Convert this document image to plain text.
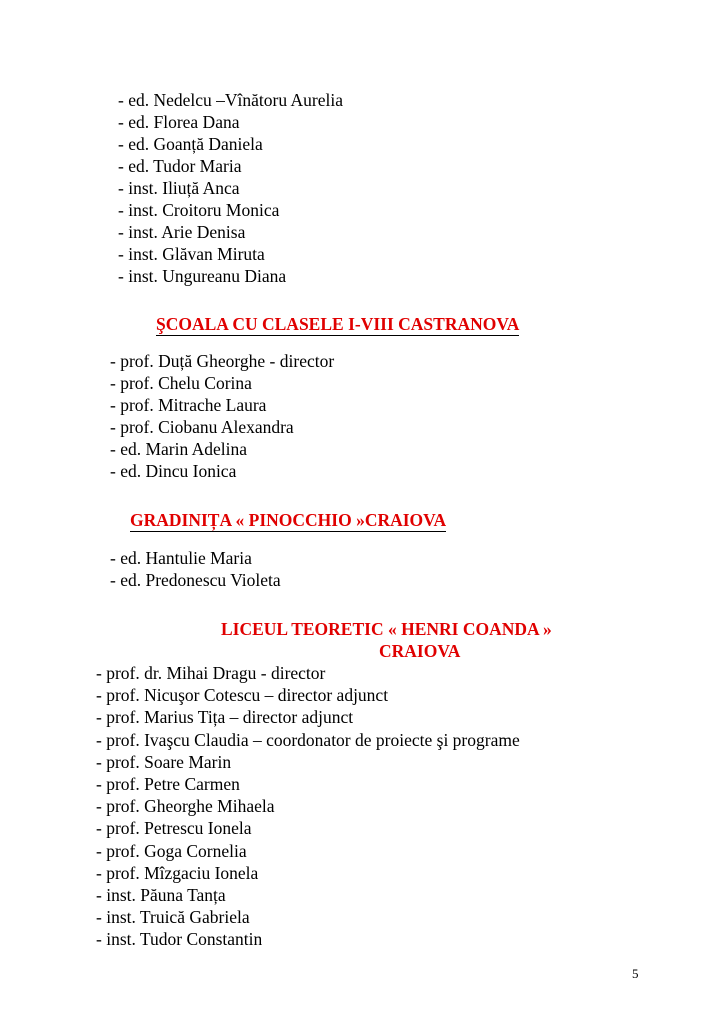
- ed. Nedelcu –Vînătoru Aurelia
- ed. Florea Dana
- ed. Goanță Daniela
- ed. Tudor Maria
- inst. Iliuță Anca
- inst. Croitoru Monica
- inst. Arie Denisa
- inst. Glăvan Miruta
- inst. Ungureanu Diana
ŞCOALA CU CLASELE I-VIII CASTRANOVA
- prof. Duță Gheorghe - director
- prof. Chelu Corina
- prof. Mitrache Laura
- prof. Ciobanu Alexandra
- ed. Marin Adelina
- ed. Dincu Ionica
GRADINIȚA « PINOCCHIO »CRAIOVA
- ed. Hantulie Maria
- ed. Predonescu Violeta
LICEUL TEORETIC « HENRI COANDA »
CRAIOVA
- prof. dr. Mihai Dragu - director
- prof. Nicuşor Cotescu – director adjunct
- prof. Marius Tița – director adjunct
- prof. Ivaşcu Claudia – coordonator de proiecte şi programe
- prof. Soare Marin
- prof. Petre Carmen
- prof. Gheorghe Mihaela
- prof. Petrescu Ionela
- prof. Goga Cornelia
- prof. Mîzgaciu Ionela
- inst. Păuna Tanța
- inst. Truică Gabriela
- inst. Tudor Constantin
5
